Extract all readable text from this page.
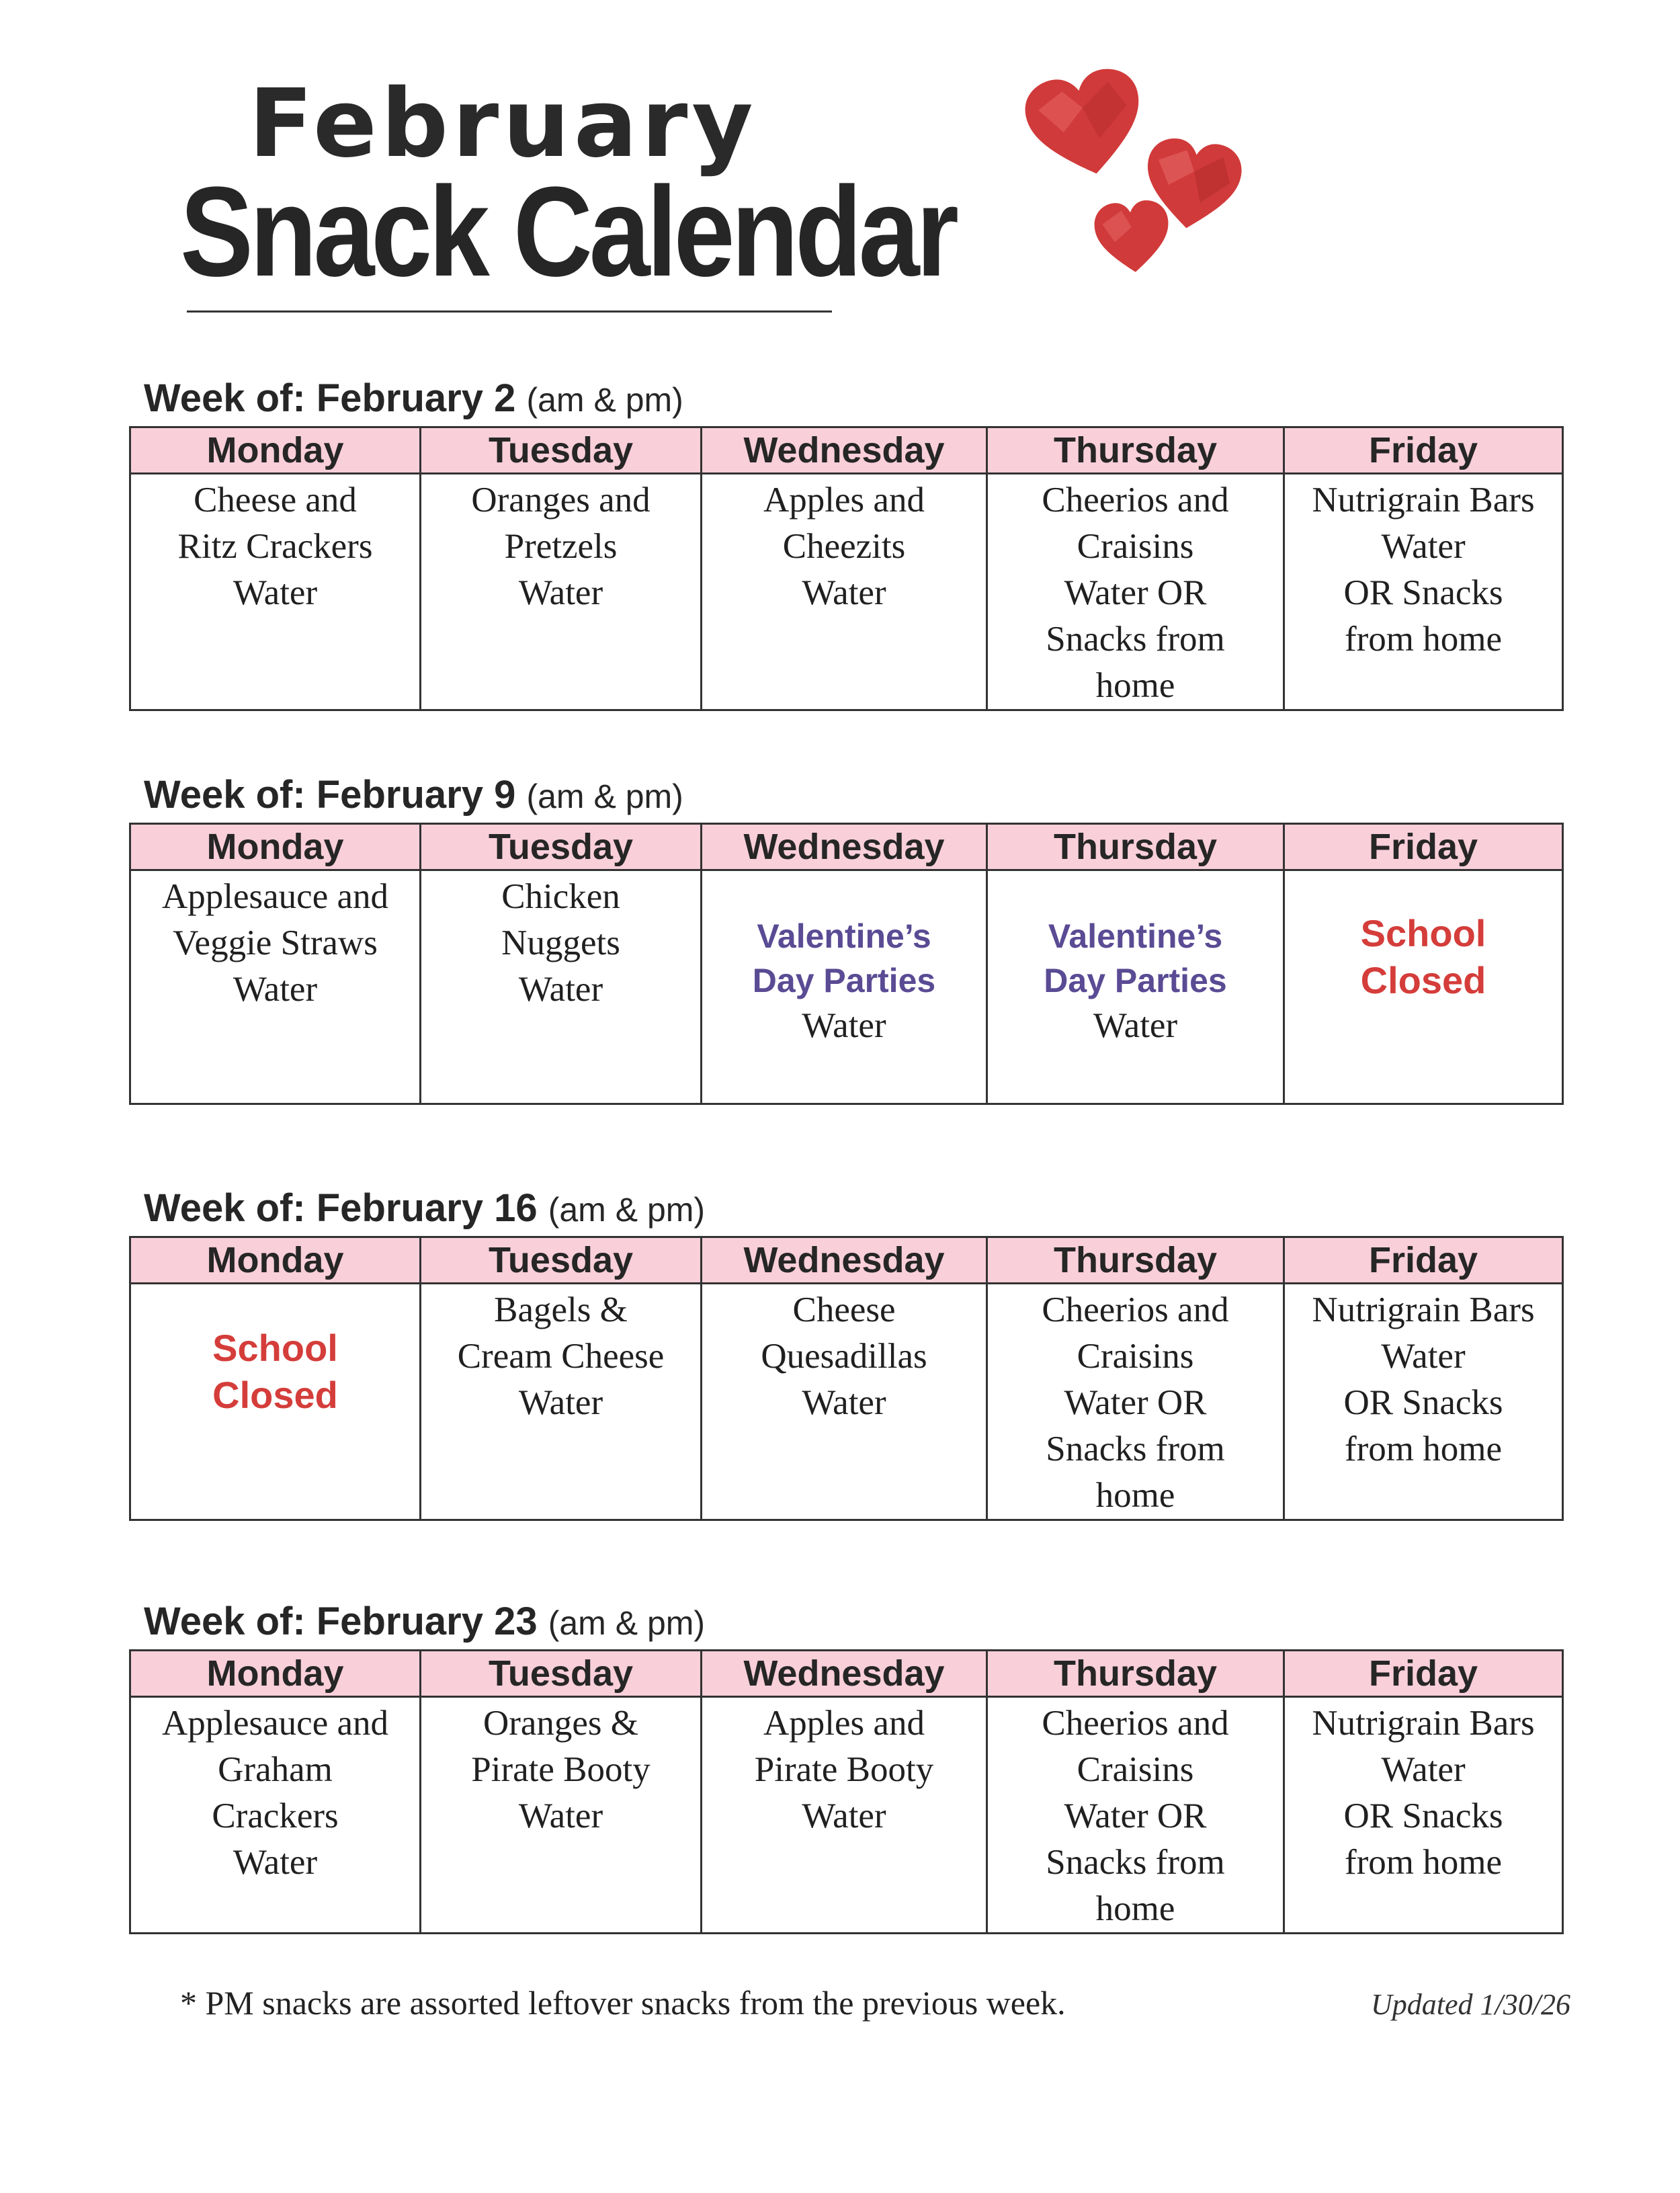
February
Snack Calendar
Week of: February 2 (am & pm)
Monday	Tuesday	Wednesday	Thursday	Friday

Cheese and
Ritz Crackers
Water	Oranges and
Pretzels
Water	Apples and
Cheezits
Water	Cheerios and
Craisins
Water OR
Snacks from
home	Nutrigrain Bars
Water
OR Snacks
from home
Week of: February 9 (am & pm)
Monday	Tuesday	Wednesday	Thursday	Friday

Applesauce and
Veggie Straws
Water	Chicken
Nuggets
Water	Valentine’s
Day Parties
Water	Valentine’s
Day Parties
Water	School
Closed
Week of: February 16 (am & pm)
Monday	Tuesday	Wednesday	Thursday	Friday

School
Closed	Bagels &
Cream Cheese
Water	Cheese
Quesadillas
Water	Cheerios and
Craisins
Water OR
Snacks from
home	Nutrigrain Bars
Water
OR Snacks
from home
Week of: February 23 (am & pm)
Monday	Tuesday	Wednesday	Thursday	Friday

Applesauce and
Graham
Crackers
Water	Oranges &
Pirate Booty
Water	Apples and
Pirate Booty
Water	Cheerios and
Craisins
Water OR
Snacks from
home	Nutrigrain Bars
Water
OR Snacks
from home

* PM snacks are assorted leftover snacks from the previous week.	Updated 1/30/26
